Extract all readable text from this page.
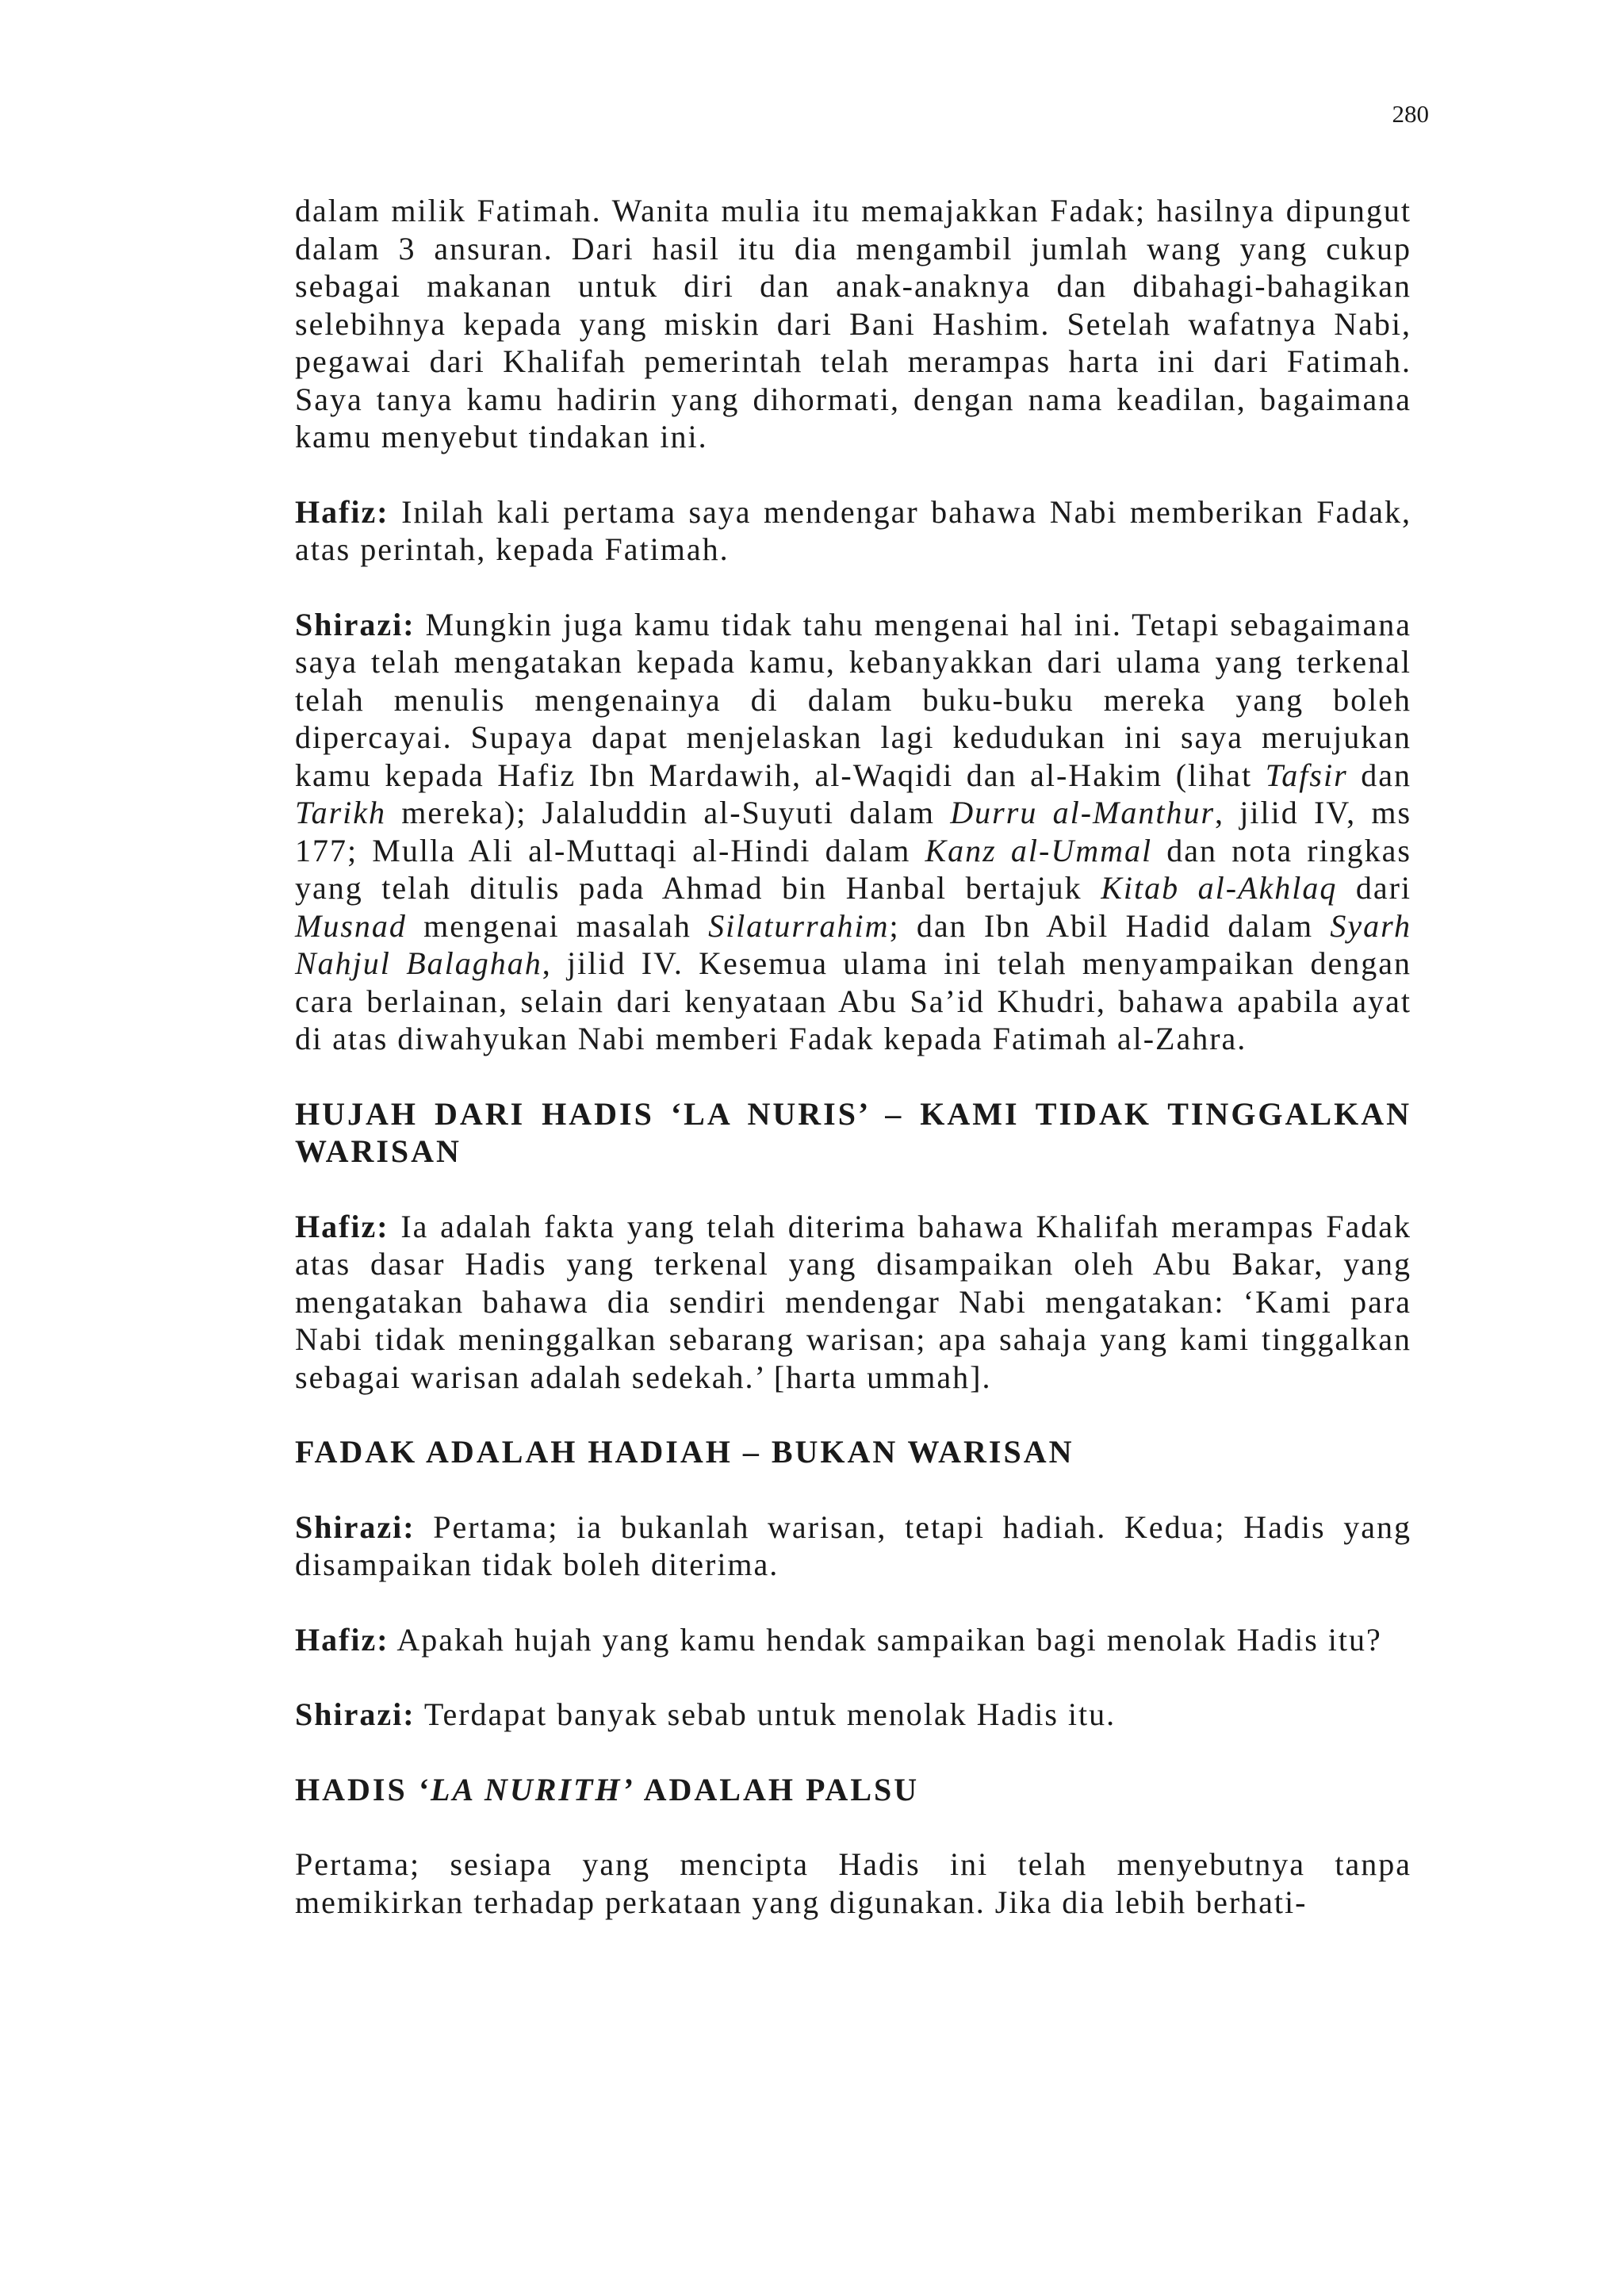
280

dalam milik Fatimah. Wanita mulia itu memajakkan Fadak; hasilnya dipungut dalam 3 ansuran. Dari hasil itu dia mengambil jumlah wang yang cukup sebagai makanan untuk diri dan anak-anaknya dan dibahagi-bahagikan selebihnya kepada yang miskin dari Bani Hashim. Setelah wafatnya Nabi, pegawai dari Khalifah pemerintah telah merampas harta ini dari Fatimah. Saya tanya kamu hadirin yang dihormati, dengan nama keadilan, bagaimana kamu menyebut tindakan ini.

Hafiz: Inilah kali pertama saya mendengar bahawa Nabi memberikan Fadak, atas perintah, kepada Fatimah.

Shirazi: Mungkin juga kamu tidak tahu mengenai hal ini. Tetapi sebagaimana saya telah mengatakan kepada kamu, kebanyakkan dari ulama yang terkenal telah menulis mengenainya di dalam buku-buku mereka yang boleh dipercayai. Supaya dapat menjelaskan lagi kedudukan ini saya merujukan kamu kepada Hafiz Ibn Mardawih, al-Waqidi dan al-Hakim (lihat Tafsir dan Tarikh mereka); Jalaluddin al-Suyuti dalam Durru al-Manthur, jilid IV, ms 177; Mulla Ali al-Muttaqi al-Hindi dalam Kanz al-Ummal dan nota ringkas yang telah ditulis pada Ahmad bin Hanbal bertajuk Kitab al-Akhlaq dari Musnad mengenai masalah Silaturrahim; dan Ibn Abil Hadid dalam Syarh Nahjul Balaghah, jilid IV. Kesemua ulama ini telah menyampaikan dengan cara berlainan, selain dari kenyataan Abu Sa’id Khudri, bahawa apabila ayat di atas diwahyukan Nabi memberi Fadak kepada Fatimah al-Zahra.

HUJAH DARI HADIS ‘LA NURIS’ – KAMI TIDAK TINGGALKAN WARISAN

Hafiz: Ia adalah fakta yang telah diterima bahawa Khalifah merampas Fadak atas dasar Hadis yang terkenal yang disampaikan oleh Abu Bakar, yang mengatakan bahawa dia sendiri mendengar Nabi mengatakan: ‘Kami para Nabi tidak meninggalkan sebarang warisan; apa sahaja yang kami tinggalkan sebagai warisan adalah sedekah.’ [harta ummah].

FADAK ADALAH HADIAH – BUKAN WARISAN

Shirazi: Pertama; ia bukanlah warisan, tetapi hadiah. Kedua; Hadis yang disampaikan tidak boleh diterima.

Hafiz: Apakah hujah yang kamu hendak sampaikan bagi menolak Hadis itu?

Shirazi: Terdapat banyak sebab untuk menolak Hadis itu.

HADIS ‘LA NURITH’ ADALAH PALSU

Pertama; sesiapa yang mencipta Hadis ini telah menyebutnya tanpa memikirkan terhadap perkataan yang digunakan. Jika dia lebih berhati-
